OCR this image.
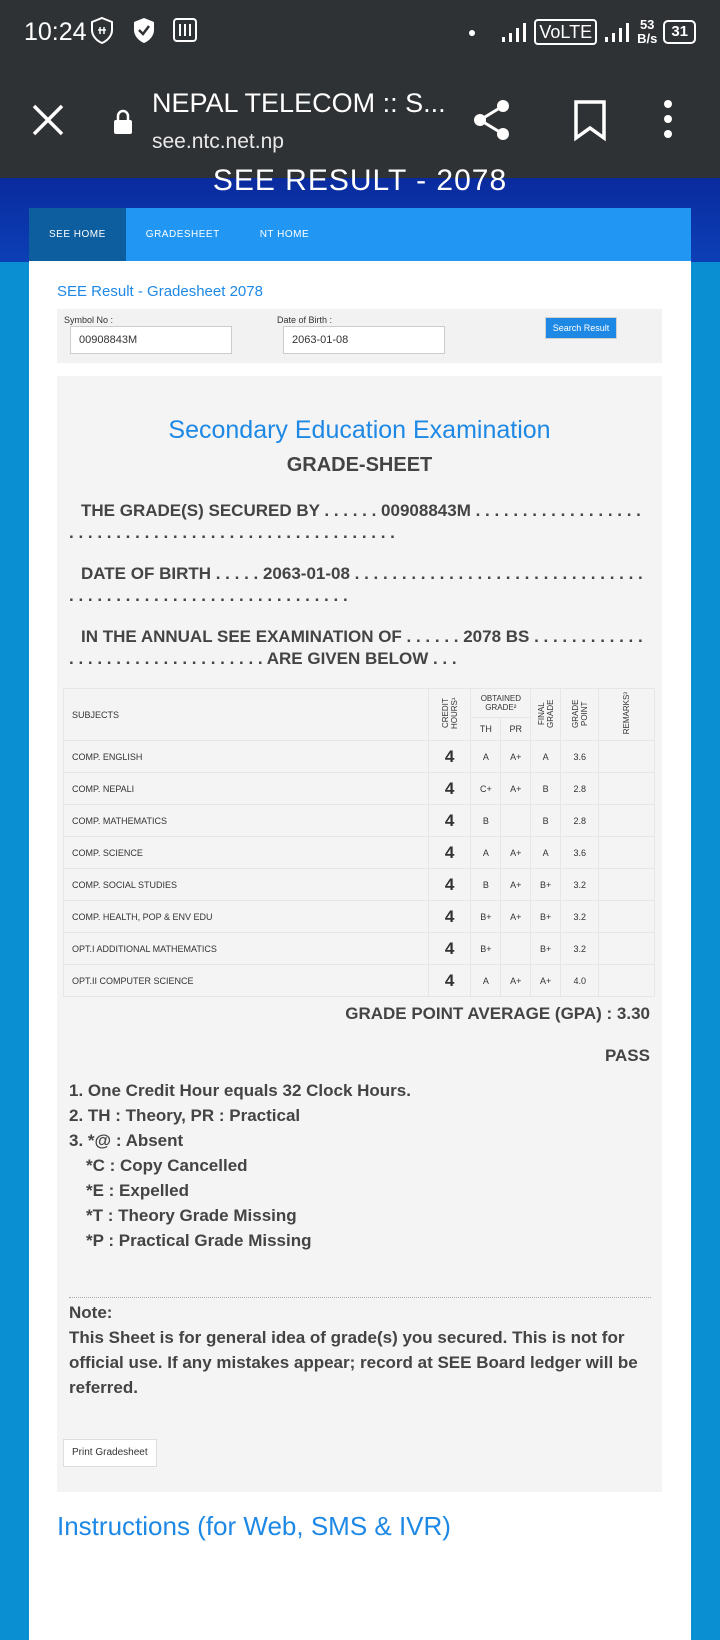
10:24	●	VoLTE	53
B/s 31
NEPAL TELECOM :: S...
see.ntc.net.np
SEE RESULT - 2078
SEE HOME	GRADESHEET	NT HOME
SEE Result - Gradesheet 2078
Symbol No :
00908843M
Date of Birth :
2063-01-08
Search Result
Secondary Education Examination
GRADE-SHEET
THE GRADE(S) SECURED BY . . . . . . 00908843M . . . . . . . . . . . . . . . . . . . . . . . . . . . . . . . . . . . . . . . . . . . . . . . . . . . . .
DATE OF BIRTH . . . . . 2063-01-08 . . . . . . . . . . . . . . . . . . . . . . . . . . . . . . . . . . . . . . . . . . . . . . . . . . . . . . . . . . . . .
IN THE ANNUAL SEE EXAMINATION OF . . . . . . 2078 BS . . . . . . . . . . . . . . . . . . . . . . . . . . . . . . . . . ARE GIVEN BELOW . . .
SUBJECTS	CREDIT HOURS¹	OBTAINED GRADE²		FINAL GRADE	GRADE POINT	REMARKS³
		TH	PR			
COMP. ENGLISH	4	A	A+	A	3.6	
COMP. NEPALI	4	C+	A+	B	2.8	
COMP. MATHEMATICS	4	B		B	2.8	
COMP. SCIENCE	4	A	A+	A	3.6	
COMP. SOCIAL STUDIES	4	B	A+	B+	3.2	
COMP. HEALTH, POP & ENV EDU	4	B+	A+	B+	3.2	
OPT.I ADDITIONAL MATHEMATICS	4	B+		B+	3.2	
OPT.II COMPUTER SCIENCE	4	A	A+	A+	4.0	
GRADE POINT AVERAGE (GPA) : 3.30
PASS
1. One Credit Hour equals 32 Clock Hours.
2. TH : Theory, PR : Practical
3. *@ : Absent
*C : Copy Cancelled
*E : Expelled
*T : Theory Grade Missing
*P : Practical Grade Missing
Note:
This Sheet is for general idea of grade(s) you secured. This is not for official use. If any mistakes appear; record at SEE Board ledger will be referred.
Print Gradesheet
Instructions (for Web, SMS & IVR)
